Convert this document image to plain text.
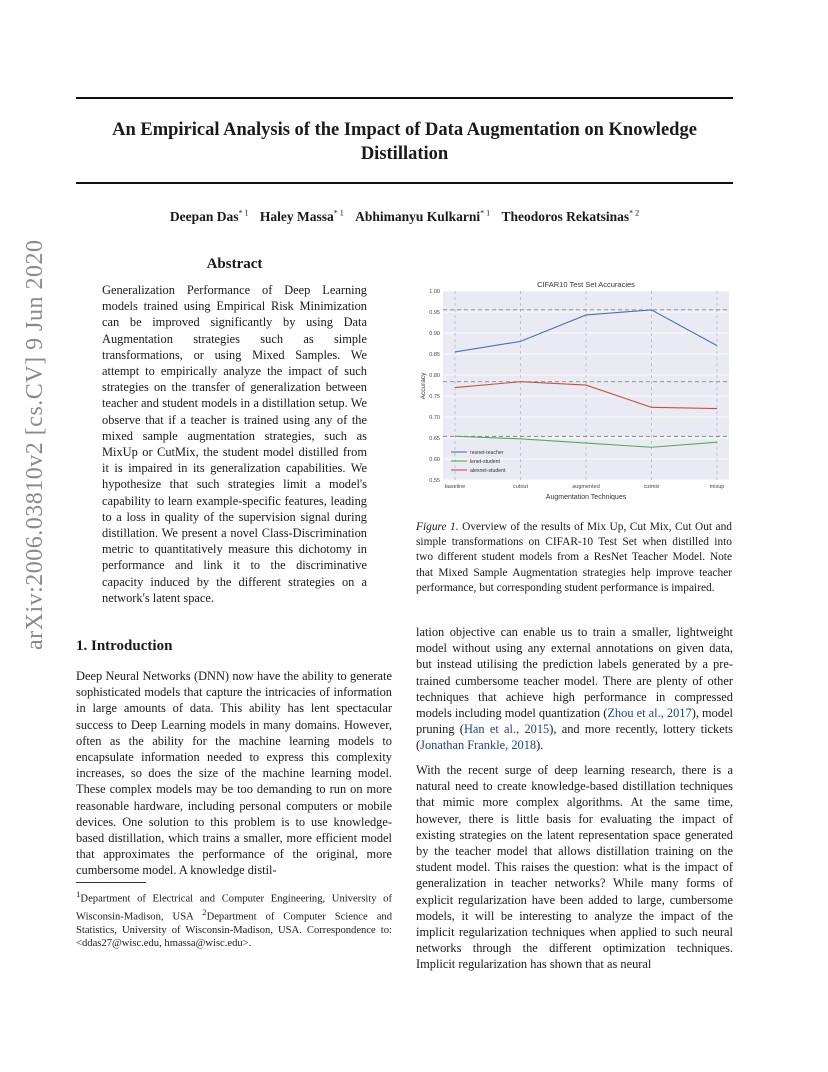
An Empirical Analysis of the Impact of Data Augmentation on Knowledge Distillation
Deepan Das$^{* 1}$ Haley Massa$^{* 1}$ Abhimanyu Kulkarni$^{* 1}$ Theodoros Rekatsinas$^{* 2}$
arXiv:2006.03810v2 [cs.CV] 9 Jun 2020	Abstract

Generalization Performance of Deep Learning models trained using Empirical Risk Minimization can be improved significantly by using Data Augmentation strategies such as simple transformations, or using Mixed Samples. We attempt to empirically analyze the impact of such strategies on the transfer of generalization between teacher and student models in a distillation setup. We observe that if a teacher is trained using any of the mixed sample augmentation strategies, such as MixUp or CutMix, the student model distilled from it is impaired in its generalization capabilities. We hypothesize that such strategies limit a model's capability to learn example-specific features, leading to a loss in quality of the supervision signal during distillation. We present a novel Class-Discrimination metric to quantitatively measure this dichotomy in performance and link it to the discriminative capacity induced by the different strategies on a network's latent space.

1. Introduction

Deep Neural Networks (DNN) now have the ability to generate sophisticated models that capture the intricacies of information in large amounts of data. This ability has lent spectacular success to Deep Learning models in many domains. However, often as the ability for the machine learning models to encapsulate information needed to express this complexity increases, so does the size of the machine learning model. These complex models may be too demanding to run on more reasonable hardware, including personal computers or mobile devices. One solution to this problem is to use knowledge-based distillation, which trains a smaller, more efficient model that approximates the performance of the original, more cumbersome model. A knowledge distil-

$^1$Department of Electrical and Computer Engineering, University of Wisconsin-Madison, USA $^2$Department of Computer Science and Statistics, University of Wisconsin-Madison, USA. Correspondence to: <ddas27@wisc.edu, hmassa@wisc.edu>.

CIFAR10 Test Set Accuracies
Augmentation Techniques
Accuracy
1.00
0.95
0.90
0.85
0.80
0.75
0.70
0.65
0.60
0.55
baseline	cutout	augmented	cutmix	mixup
resnet-teacher
lenet-student
alexnet-student

Figure 1. Overview of the results of Mix Up, Cut Mix, Cut Out and simple transformations on CIFAR-10 Test Set when distilled into two different student models from a ResNet Teacher Model. Note that Mixed Sample Augmentation strategies help improve teacher performance, but corresponding student performance is impaired.

lation objective can enable us to train a smaller, lightweight model without using any external annotations on given data, but instead utilising the prediction labels generated by a pre-trained cumbersome teacher model. There are plenty of other techniques that achieve high performance in compressed models including model quantization (Zhou et al., 2017), model pruning (Han et al., 2015), and more recently, lottery tickets (Jonathan Frankle, 2018).

With the recent surge of deep learning research, there is a natural need to create knowledge-based distillation techniques that mimic more complex algorithms. At the same time, however, there is little basis for evaluating the impact of existing strategies on the latent representation space generated by the teacher model that allows distillation training on the student model. This raises the question: what is the impact of generalization in teacher networks? While many forms of explicit regularization have been added to large, cumbersome models, it will be interesting to analyze the impact of the implicit regularization techniques when applied to such neural networks through the different optimization techniques. Implicit regularization has shown that as neural
